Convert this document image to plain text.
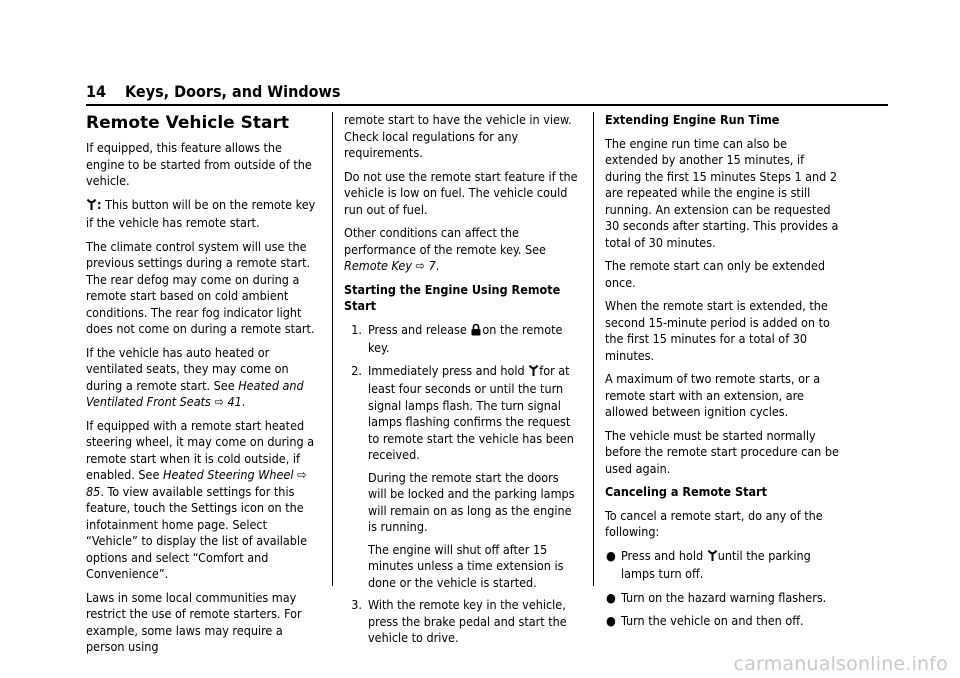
14 Keys, Doors, and Windows
Remote Vehicle Start

If equipped, this feature allows the engine to be started from outside of the vehicle.

: This button will be on the remote key if the vehicle has remote start.

The climate control system will use the previous settings during a remote start. The rear defog may come on during a remote start based on cold ambient conditions. The rear fog indicator light does not come on during a remote start.

If the vehicle has auto heated or ventilated seats, they may come on during a remote start. See Heated and Ventilated Front Seats ⇨ 41.

If equipped with a remote start heated steering wheel, it may come on during a remote start when it is cold outside, if enabled. See Heated Steering Wheel ⇨ 85. To view available settings for this feature, touch the Settings icon on the infotainment home page. Select “Vehicle” to display the list of available options and select “Comfort and Convenience”.

Laws in some local communities may restrict the use of remote starters. For example, some laws may require a person using

remote start to have the vehicle in view. Check local regulations for any requirements.

Do not use the remote start feature if the vehicle is low on fuel. The vehicle could run out of fuel.

Other conditions can affect the performance of the remote key. See Remote Key ⇨ 7.

Starting the Engine Using Remote Start

1. Press and release on the remote key.
2. Immediately press and hold for at least four seconds or until the turn signal lamps flash. The turn signal lamps flashing confirms the request to remote start the vehicle has been received.

During the remote start the doors will be locked and the parking lamps will remain on as long as the engine is running.

The engine will shut off after 15 minutes unless a time extension is done or the vehicle is started.

3. With the remote key in the vehicle, press the brake pedal and start the vehicle to drive.

Extending Engine Run Time

The engine run time can also be extended by another 15 minutes, if during the first 15 minutes Steps 1 and 2 are repeated while the engine is still running. An extension can be requested 30 seconds after starting. This provides a total of 30 minutes.

The remote start can only be extended once.

When the remote start is extended, the second 15-minute period is added on to the first 15 minutes for a total of 30 minutes.

A maximum of two remote starts, or a remote start with an extension, are allowed between ignition cycles.

The vehicle must be started normally before the remote start procedure can be used again.

Canceling a Remote Start

To cancel a remote start, do any of the following:

● Press and hold until the parking lamps turn off.
● Turn on the hazard warning flashers.
● Turn the vehicle on and then off.
carmanualsonline.info
